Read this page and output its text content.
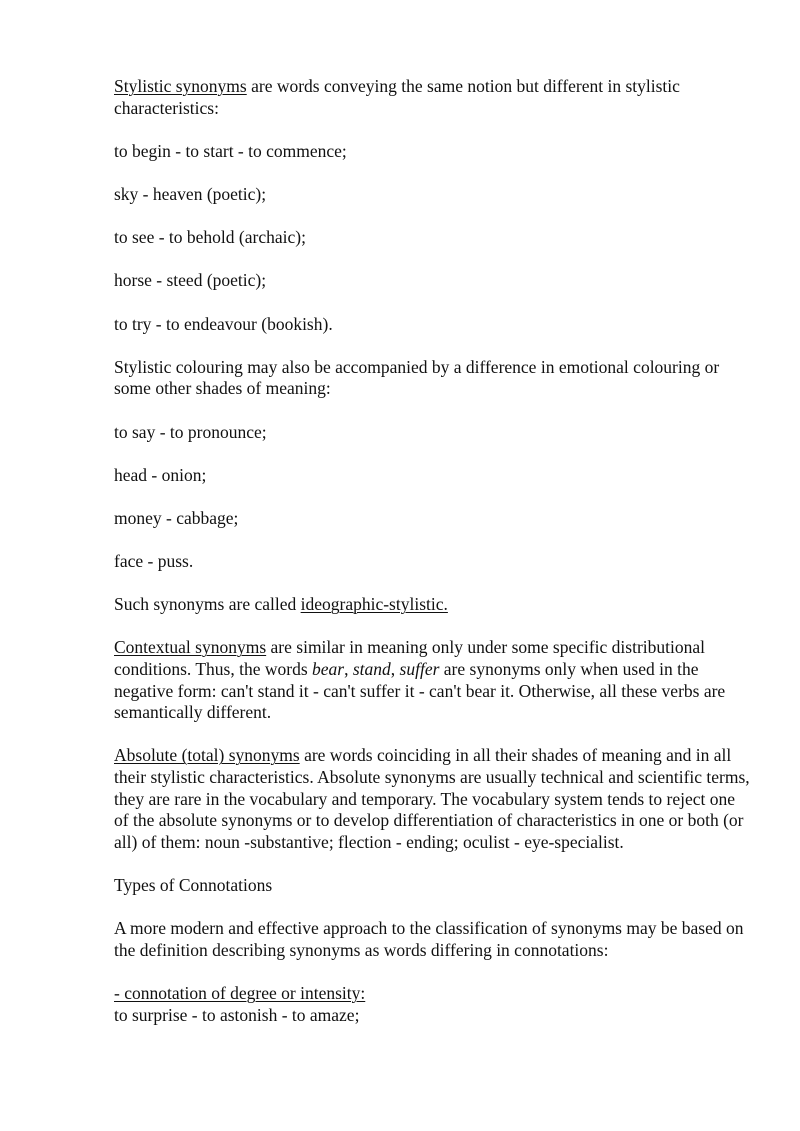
Stylistic synonyms are words conveying the same notion but different in stylistic characteristics:

to begin - to start - to commence;

sky - heaven (poetic);

to see - to behold (archaic);

horse - steed (poetic);

to try - to endeavour (bookish).

Stylistic colouring may also be accompanied by a difference in emotional colouring or some other shades of meaning:

to say - to pronounce;

head - onion;

money - cabbage;

face - puss.

Such synonyms are called ideographic-stylistic.

Contextual synonyms are similar in meaning only under some specific distributional conditions. Thus, the words bear, stand, suffer are synonyms only when used in the negative form: can't stand it - can't suffer it - can't bear it. Otherwise, all these verbs are semantically different.

Absolute (total) synonyms are words coinciding in all their shades of meaning and in all their stylistic characteristics. Absolute synonyms are usually technical and scientific terms, they are rare in the vocabulary and temporary. The vocabulary system tends to reject one of the absolute synonyms or to develop differentiation of characteristics in one or both (or all) of them: noun -substantive; flection - ending; oculist - eye-specialist.

Types of Connotations

A more modern and effective approach to the classification of synonyms may be based on the definition describing synonyms as words differing in connotations:

- connotation of degree or intensity:

to surprise - to astonish - to amaze;
